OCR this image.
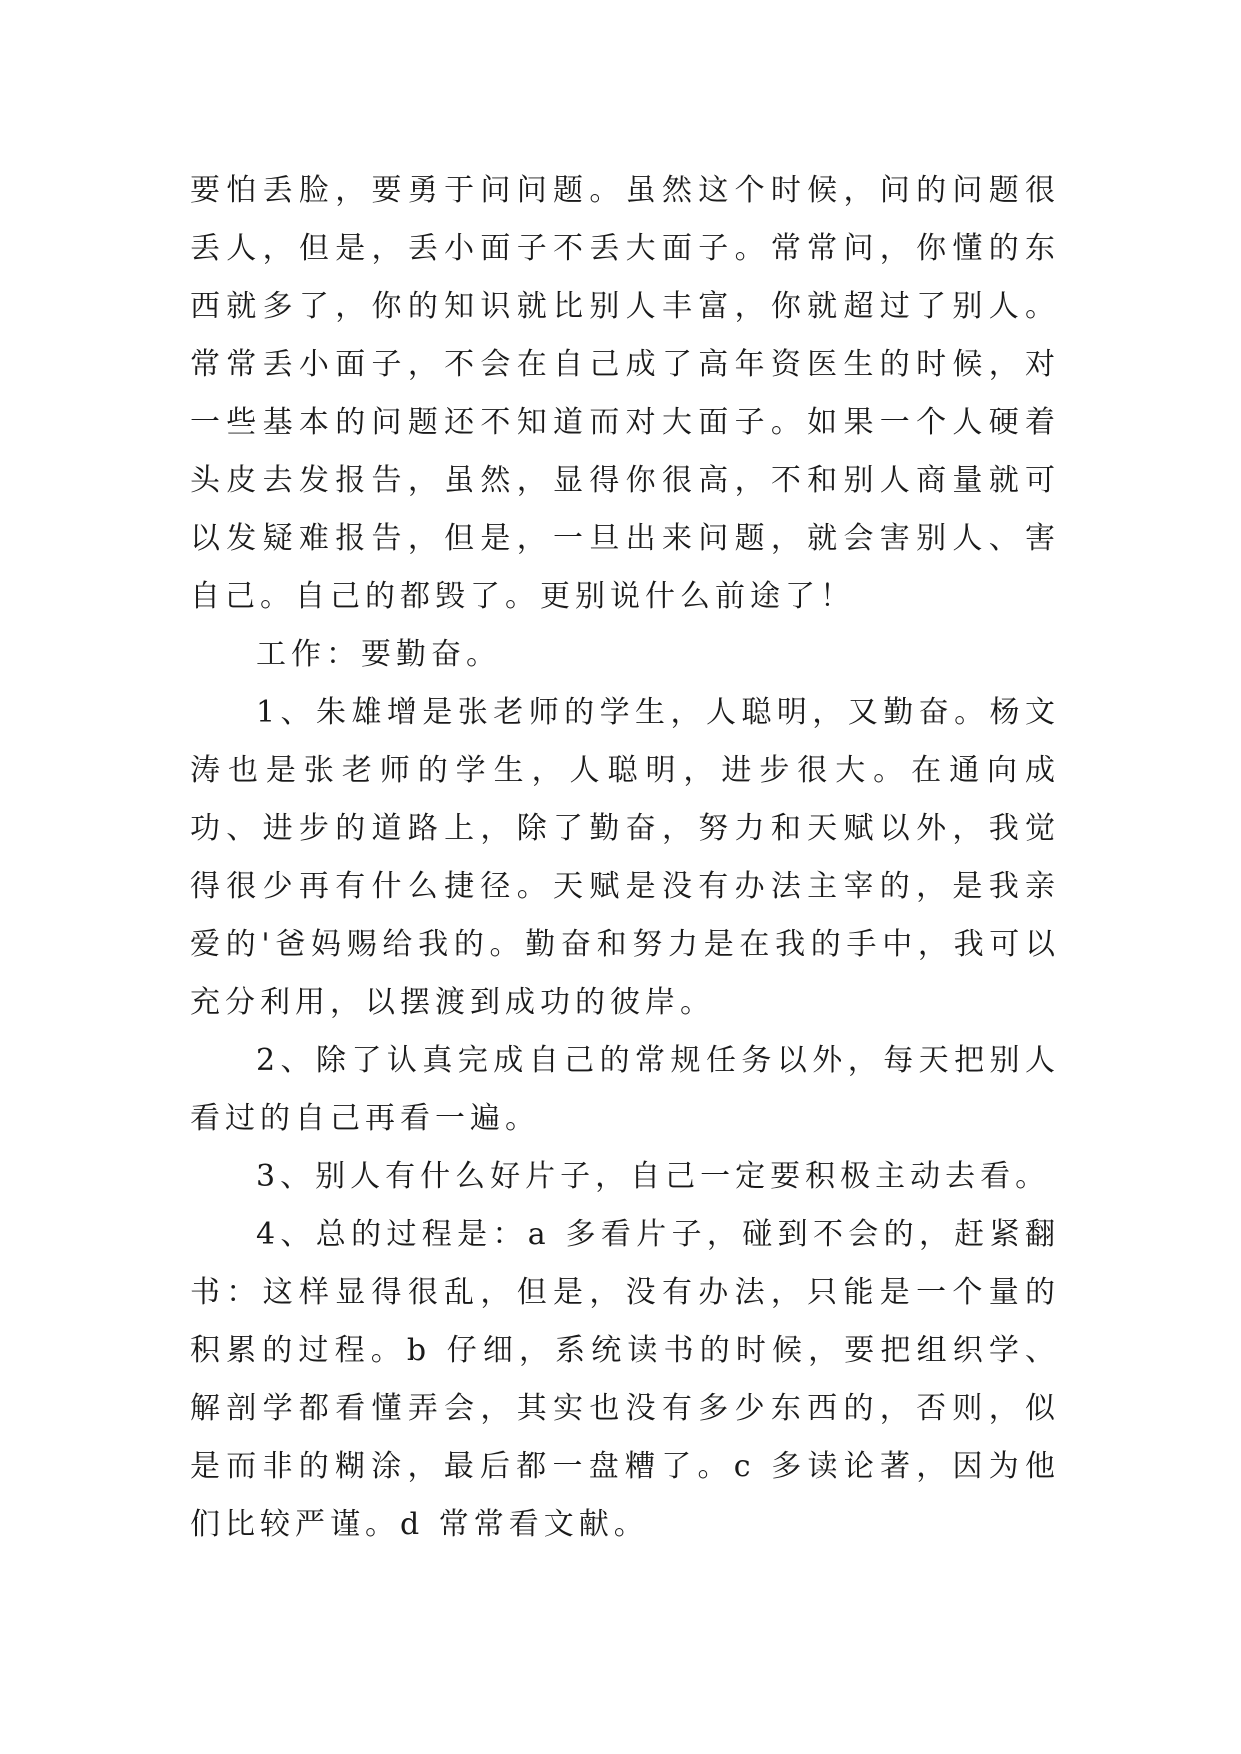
要怕丢脸，要勇于问问题。虽然这个时候，问的问题很丢人，但是，丢小面子不丢大面子。常常问，你懂的东西就多了，你的知识就比别人丰富，你就超过了别人。常常丢小面子，不会在自己成了高年资医生的时候，对一些基本的问题还不知道而对大面子。如果一个人硬着头皮去发报告，虽然，显得你很高，不和别人商量就可以发疑难报告，但是，一旦出来问题，就会害别人、害自己。自己的都毁了。更别说什么前途了！

工作：要勤奋。

1、朱雄增是张老师的学生，人聪明，又勤奋。杨文涛也是张老师的学生，人聪明，进步很大。在通向成功、进步的道路上，除了勤奋，努力和天赋以外，我觉得很少再有什么捷径。天赋是没有办法主宰的，是我亲爱的'爸妈赐给我的。勤奋和努力是在我的手中，我可以充分利用，以摆渡到成功的彼岸。

2、除了认真完成自己的常规任务以外，每天把别人看过的自己再看一遍。

3、别人有什么好片子，自己一定要积极主动去看。

4、总的过程是：a 多看片子，碰到不会的，赶紧翻书：这样显得很乱，但是，没有办法，只能是一个量的积累的过程。b 仔细，系统读书的时候，要把组织学、解剖学都看懂弄会，其实也没有多少东西的，否则，似是而非的糊涂，最后都一盘糟了。c 多读论著，因为他们比较严谨。d 常常看文献。
